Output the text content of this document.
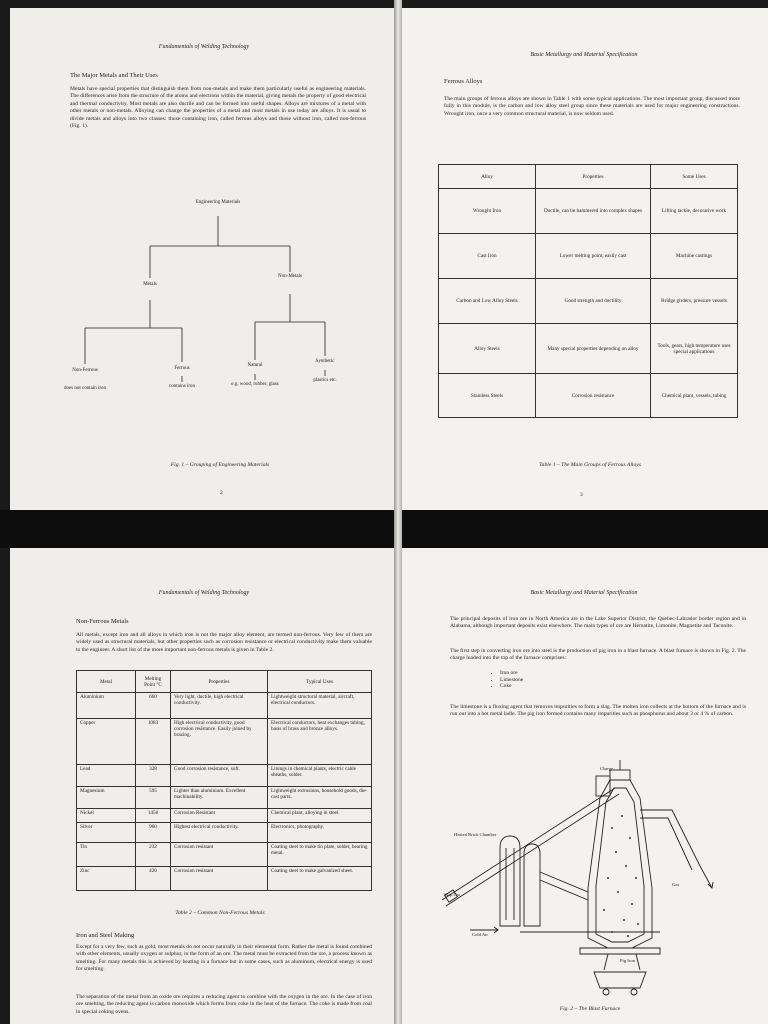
Fundamentals of Welding Technology
The Major Metals and Their Uses
Metals have special properties that distinguish them from non-metals and make them particularly useful as engineering materials. The differences arise from the structure of the atoms and electrons within the material, giving metals the property of good electrical and thermal conductivity. Most metals are also ductile and can be formed into useful shapes. Alloys are mixtures of a metal with other metals or non-metals. Alloying can change the properties of a metal and most metals in use today are alloys. It is usual to divide metals and alloys into two classes: those containing iron, called ferrous alloys and those without iron, called non-ferrous (Fig. 1).
Engineering Materials
Metals
Non-Metals
Non-Ferrous
does not contain iron
Ferrous
contains iron
Natural
e.g. wood, rubber, glass
Synthetic
plastics etc.
Fig. 1 – Grouping of Engineering Materials
2
Basic Metallurgy and Material Specification
Ferrous Alloys
The main groups of ferrous alloys are shown in Table 1 with some typical applications. The most important group, discussed more fully in this module, is the carbon and low alloy steel group since these materials are used for major engineering constructions. Wrought iron, once a very common structural material, is now seldom used.
Alloy	Properties	Some Uses
Wrought Iron	Ductile, can be hammered into complex shapes	Lifting tackle, decorative work
Cast Iron	Lower melting point, easily cast	Machine castings
Carbon and Low Alloy Steels	Good strength and ductility	Bridge girders, pressure vessels
Alloy Steels	Many special properties depending on alloy	Tools, gears, high temperature uses special applications
Stainless Steels	Corrosion resistance	Chemical plant, vessels, tubing
Table 1 – The Main Groups of Ferrous Alloys
3
Fundamentals of Welding Technology
Non-Ferrous Metals
All metals, except iron and all alloys in which iron is not the major alloy element, are termed non-ferrous. Very few of them are widely used as structural materials, but other properties such as corrosion resistance or electrical conductivity make them valuable to the engineer. A short list of the more important non-ferrous metals is given in Table 2.
Metal	Melting Point °C	Properties	Typical Uses
Aluminium	660	Very light, ductile, high electrical conductivity.	Lightweight structural material, aircraft, electrical conductors.
Copper	1083	High electrical conductivity, good corrosion resistance. Easily joined by brazing.	Electrical conductors, heat exchanges tubing, basis of brass and bronze alloys.
Lead	328	Good corrosion resistance, soft.	Linings in chemical plants, electric cable sheaths, solder.
Magnesium	595	Lighter than aluminium. Excellent machinability.	Lightweight extrusions, household goods, die-cast parts.
Nickel	1450	Corrosion Resistant	Chemical plant, alloying in steel.
Silver	960	Highest electrical conductivity.	Electronics, photography.
Tin	232	Corrosion resistant	Coating steel to make tin plate, solder, bearing metal.
Zinc	420	Corrosion resistant	Coating steel to make galvanized sheet.
Table 2 – Common Non-Ferrous Metals
Iron and Steel Making
Except for a very few, such as gold, most metals do not occur naturally in their elemental form. Rather the metal is found combined with other elements, usually oxygen or sulphur, in the form of an ore. The metal must be extracted from the ore, a process known as smelting. For many metals this is achieved by heating in a furnace but in some cases, such as aluminum, electrical energy is used for smelting.
The separation of the metal from an oxide ore requires a reducing agent to combine with the oxygen in the ore. In the case of iron ore smelting, the reducing agent is carbon monoxide which forms from coke in the heat of the furnace. The coke is made from coal in special coking ovens.
Basic Metallurgy and Material Specification
The principal deposits of iron ore in North America are in the Lake Superior District, the Quebec-Labrador border region and in Alabama, although important deposits exist elsewhere. The main types of ore are Hematite, Limonite, Magnetite and Taconite.
The first step in converting iron ore into steel is the production of pig iron in a blast furnace. A blast furnace is shown in Fig. 2. The charge loaded into the top of the furnace comprises:
• Iron ore
• Limestone
• Coke
The limestone is a fluxing agent that removes impurities to form a slag. The molten iron collects at the bottom of the furnace and is run out into a hot metal ladle. The pig iron formed contains many impurities such as phosphorus and about 3 or 4 % of carbon.
Charge
Heated Brick Chamber
Gas
Skip Car
Cold Air
Pig Iron
Fig. 2 – The Blast Furnace
